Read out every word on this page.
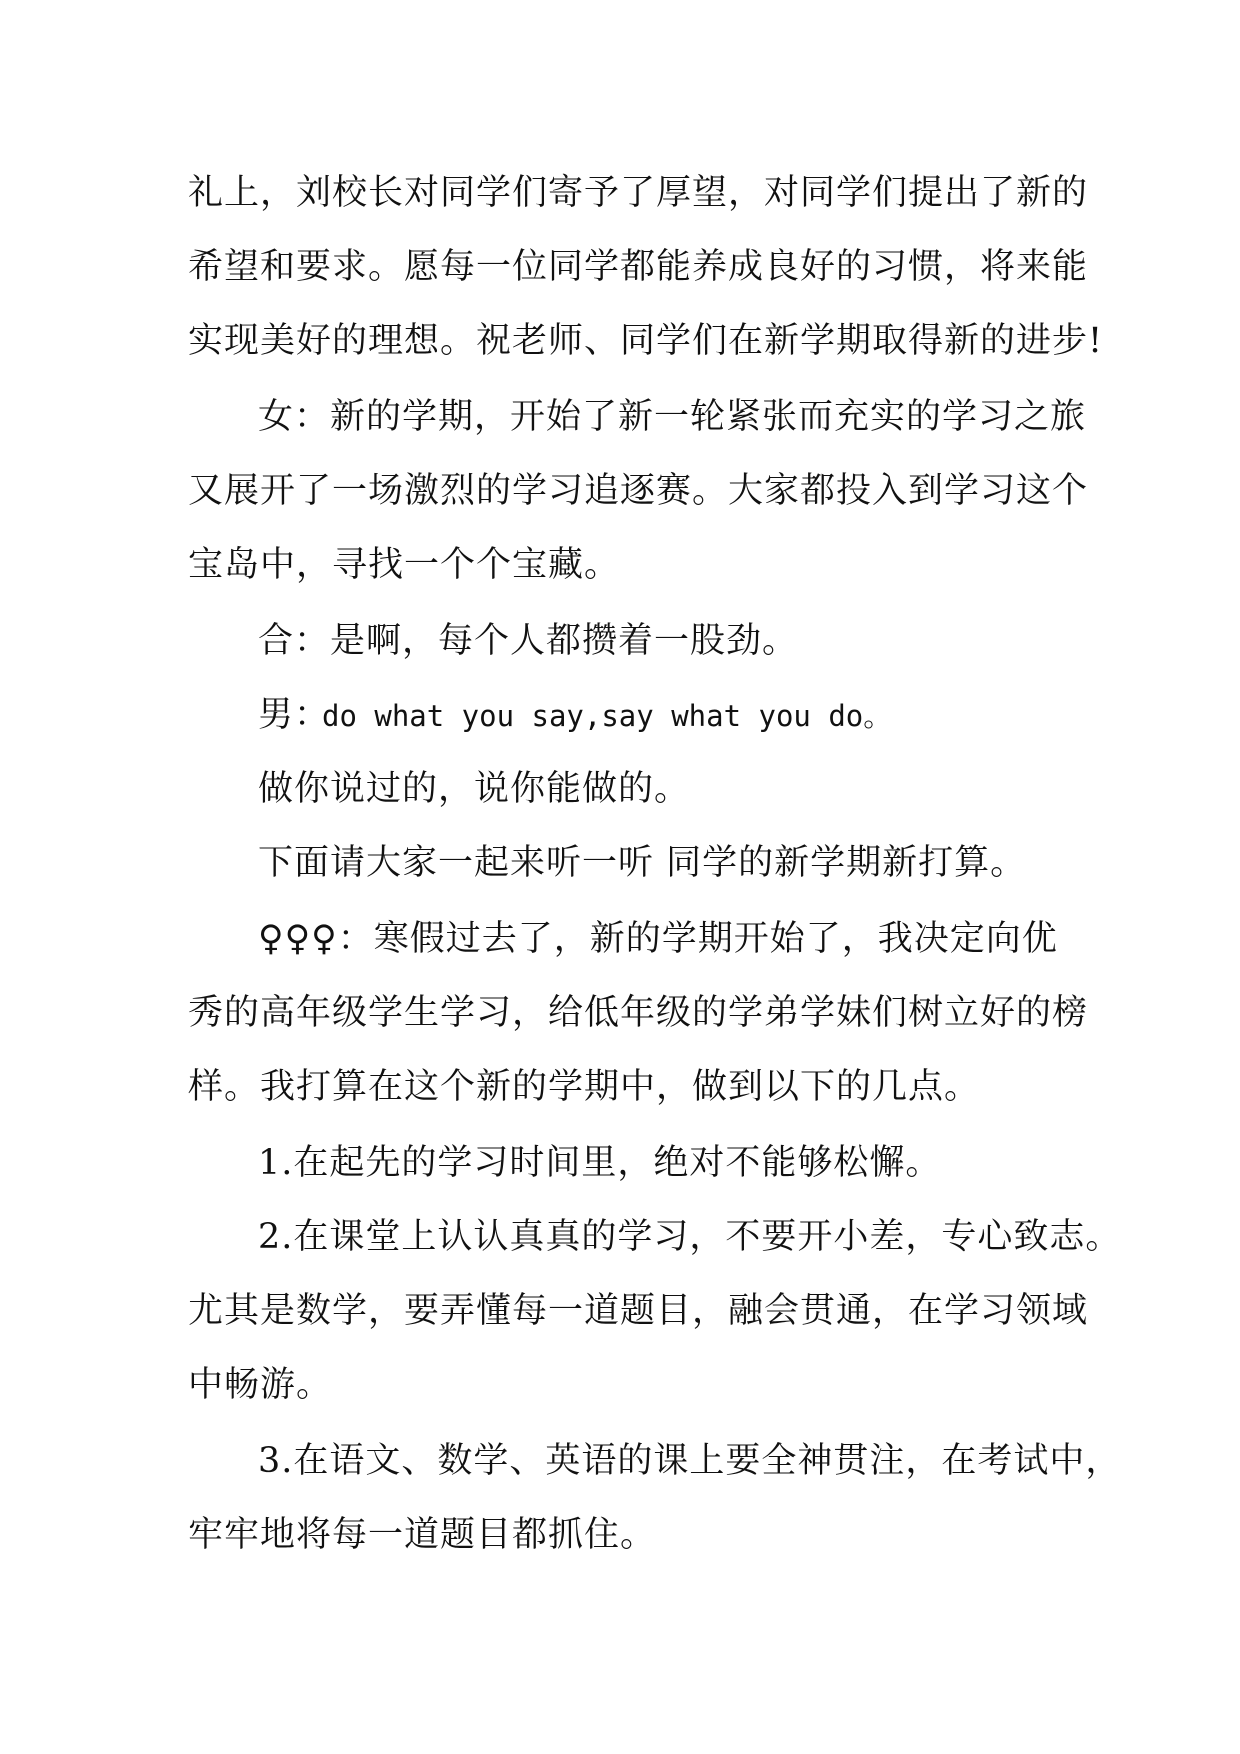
礼上，刘校长对同学们寄予了厚望，对同学们提出了新的
希望和要求。愿每一位同学都能养成良好的习惯，将来能
实现美好的理想。祝老师、同学们在新学期取得新的进步!
女：新的学期，开始了新一轮紧张而充实的学习之旅
又展开了一场激烈的学习追逐赛。大家都投入到学习这个
宝岛中，寻找一个个宝藏。
合：是啊，每个人都攒着一股劲。
男：
do what you say,say what you do。
做你说过的，说你能做的。
下面请大家一起来听一听 同学的新学期新打算。
♀♀♀：寒假过去了，新的学期开始了，我决定向优
秀的高年级学生学习，给低年级的学弟学妹们树立好的榜
样。我打算在这个新的学期中，做到以下的几点。
1.在起先的学习时间里，绝对不能够松懈。
2.在课堂上认认真真的学习，不要开小差，专心致志。
尤其是数学，要弄懂每一道题目，融会贯通，在学习领域
中畅游。
3.在语文、数学、英语的课上要全神贯注，在考试中，
牢牢地将每一道题目都抓住。
